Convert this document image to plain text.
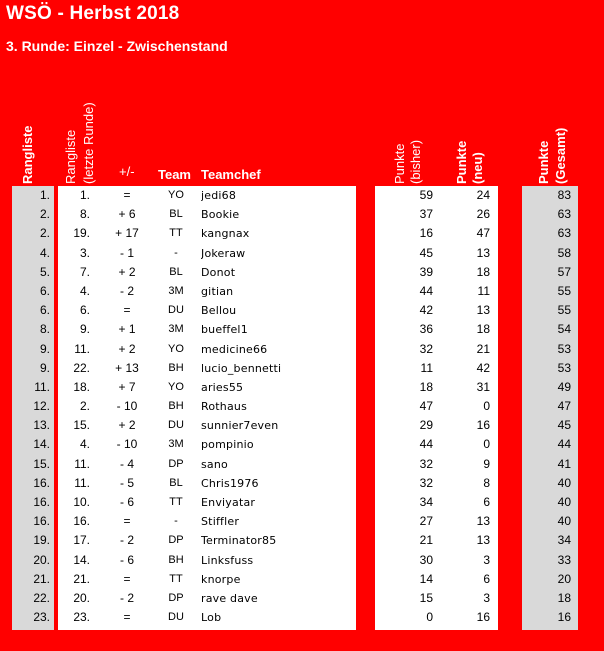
WSÖ - Herbst 2018
3. Runde: Einzel - Zwischenstand
Rangliste Rangliste (letzte Runde) +/- Team Teamchef	Punkte (bisher) Punkte (neu)	Punkte (Gesamt)
1.
2.
2.
4.
5.
6.
6.
8.
9.
9.
11.
12.
13.
14.
15.
16.
16.
16.
19.
20.
21.
22.
23.
1.
8.
19.
3.
7.
4.
6.
9.
11.
22.
18.
2.
15.
4.
11.
11.
10.
16.
17.
14.
21.
20.
23.
=
+ 6
+ 17
- 1
+ 2
- 2
=
+ 1
+ 2
+ 13
+ 7
- 10
+ 2
- 10
- 4
- 5
- 6
=
- 2
- 6
=
- 2
=
YO
BL
TT
-
BL
3M
DU
3M
YO
BH
YO
BH
DU
3M
DP
BL
TT
-
DP
BH
TT
DP
DU
jedi68
Bookie
kangnax
Jokeraw
Donot
gitian
Bellou
bueffel1
medicine66
lucio_bennetti
aries55
Rothaus
sunnier7even
pompinio
sano
Chris1976
Enviyatar
Stiffler
Terminator85
Linksfuss
knorpe
rave dave
Lob
59
37
16
45
39
44
42
36
32
11
18
47
29
44
32
32
34
27
21
30
14
15
0
24
26
47
13
18
11
13
18
21
42
31
0
16
0
9
8
6
13
13
3
6
3
16
83
63
63
58
57
55
55
54
53
53
49
47
45
44
41
40
40
40
34
33
20
18
16
